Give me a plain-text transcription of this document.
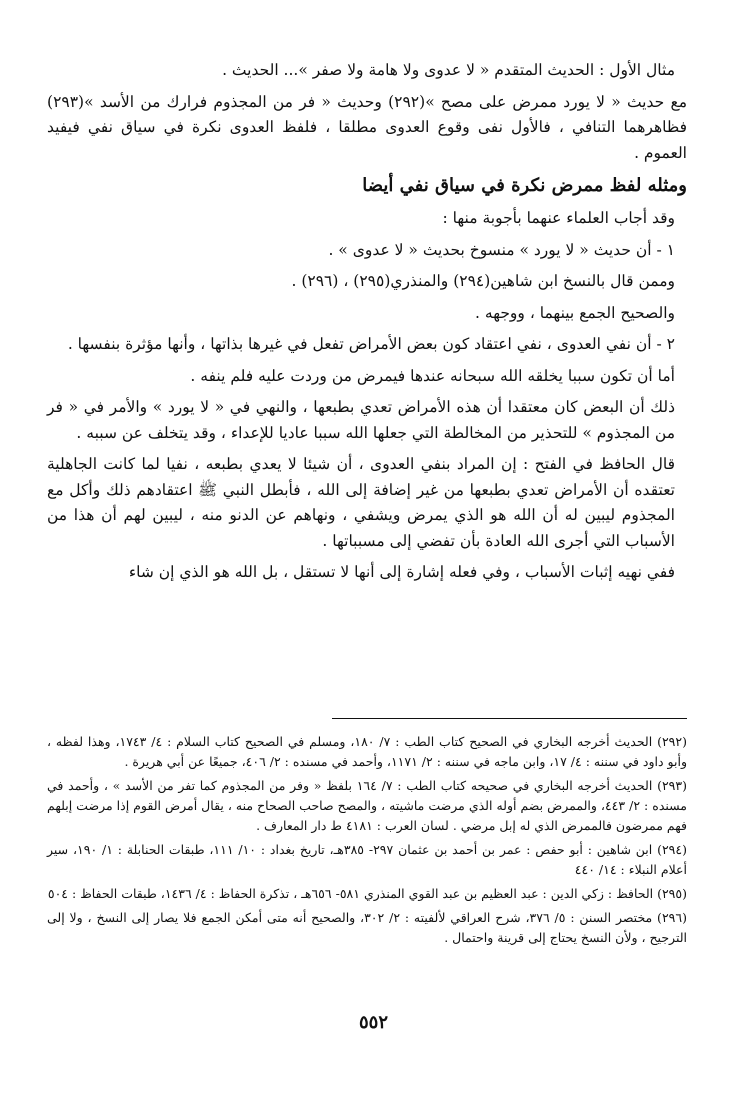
مثال الأول : الحديث المتقدم « لا عدوى ولا هامة ولا صفر »... الحديث .

مع حديث « لا يورد ممرض على مصح »(٢٩٢) وحديث « فر من المجذوم فرارك من الأسد »(٢٩٣) فظاهرهما التنافي ، فالأول نفى وقوع العدوى مطلقا ، فلفظ العدوى نكرة في سياق نفي فيفيد العموم .

ومثله لفظ ممرض نكرة في سياق نفي أيضا

وقد أجاب العلماء عنهما بأجوبة منها :

١ - أن حديث « لا يورد » منسوخ بحديث « لا عدوى » .

وممن قال بالنسخ ابن شاهين(٢٩٤) والمنذري(٢٩٥) ، (٢٩٦) .

والصحيح الجمع بينهما ، ووجهه .

٢ - أن نفي العدوى ، نفي اعتقاد كون بعض الأمراض تفعل في غيرها بذاتها ، وأنها مؤثرة بنفسها .

أما أن تكون سببا يخلقه الله سبحانه عندها فيمرض من وردت عليه فلم ينفه .

ذلك أن البعض كان معتقدا أن هذه الأمراض تعدي بطبعها ، والنهي في « لا يورد » والأمر في « فر من المجذوم » للتحذير من المخالطة التي جعلها الله سببا عاديا للإعداء ، وقد يتخلف عن سببه .

قال الحافظ في الفتح : إن المراد بنفي العدوى ، أن شيئا لا يعدي بطبعه ، نفيا لما كانت الجاهلية تعتقده أن الأمراض تعدي بطبعها من غير إضافة إلى الله ، فأبطل النبي ﷺ اعتقادهم ذلك وأكل مع المجذوم ليبين له أن الله هو الذي يمرض ويشفي ، ونهاهم عن الدنو منه ، ليبين لهم أن هذا من الأسباب التي أجرى الله العادة بأن تفضي إلى مسبباتها .

ففي نهيه إثبات الأسباب ، وفي فعله إشارة إلى أنها لا تستقل ، بل الله هو الذي إن شاء

(٢٩٢) الحديث أخرجه البخاري في الصحيح كتاب الطب : ٧/ ١٨٠، ومسلم في الصحيح كتاب السلام : ٤/ ١٧٤٣، وهذا لفظه ، وأبو داود في سننه : ٤/ ١٧، وابن ماجه في سننه : ٢/ ١١٧١، وأحمد في مسنده : ٢/ ٤٠٦، جميعًا عن أبي هريرة .

(٢٩٣) الحديث أخرجه البخاري في صحيحه كتاب الطب : ٧/ ١٦٤ بلفظ « وفر من المجذوم كما تفر من الأسد » ، وأحمد في مسنده : ٢/ ٤٤٣، والممرض بضم أوله الذي مرضت ماشيته ، والمصح صاحب الصحاح منه ، يقال أمرض القوم إذا مرضت إبلهم فهم ممرضون فالممرض الذي له إبل مرضي . لسان العرب : ٤١٨١ ط دار المعارف .

(٢٩٤) ابن شاهين : أبو حفص : عمر بن أحمد بن عثمان ٢٩٧- ٣٨٥هـ، تاريخ بغداد : ١٠/ ١١١، طبقات الحنابلة : ١/ ١٩٠، سير أعلام النبلاء : ١٤/ ٤٤٠

(٢٩٥) الحافظ : زكي الدين : عبد العظيم بن عبد القوي المنذري ٥٨١- ٦٥٦هـ ، تذكرة الحفاظ : ٤/ ١٤٣٦، طبقات الحفاظ : ٥٠٤

(٢٩٦) مختصر السنن : ٥/ ٣٧٦، شرح العراقي لألفيته : ٢/ ٣٠٢، والصحيح أنه متى أمكن الجمع فلا يصار إلى النسخ ، ولا إلى الترجيح ، ولأن النسخ يحتاج إلى قرينة واحتمال .

٥٥٢
